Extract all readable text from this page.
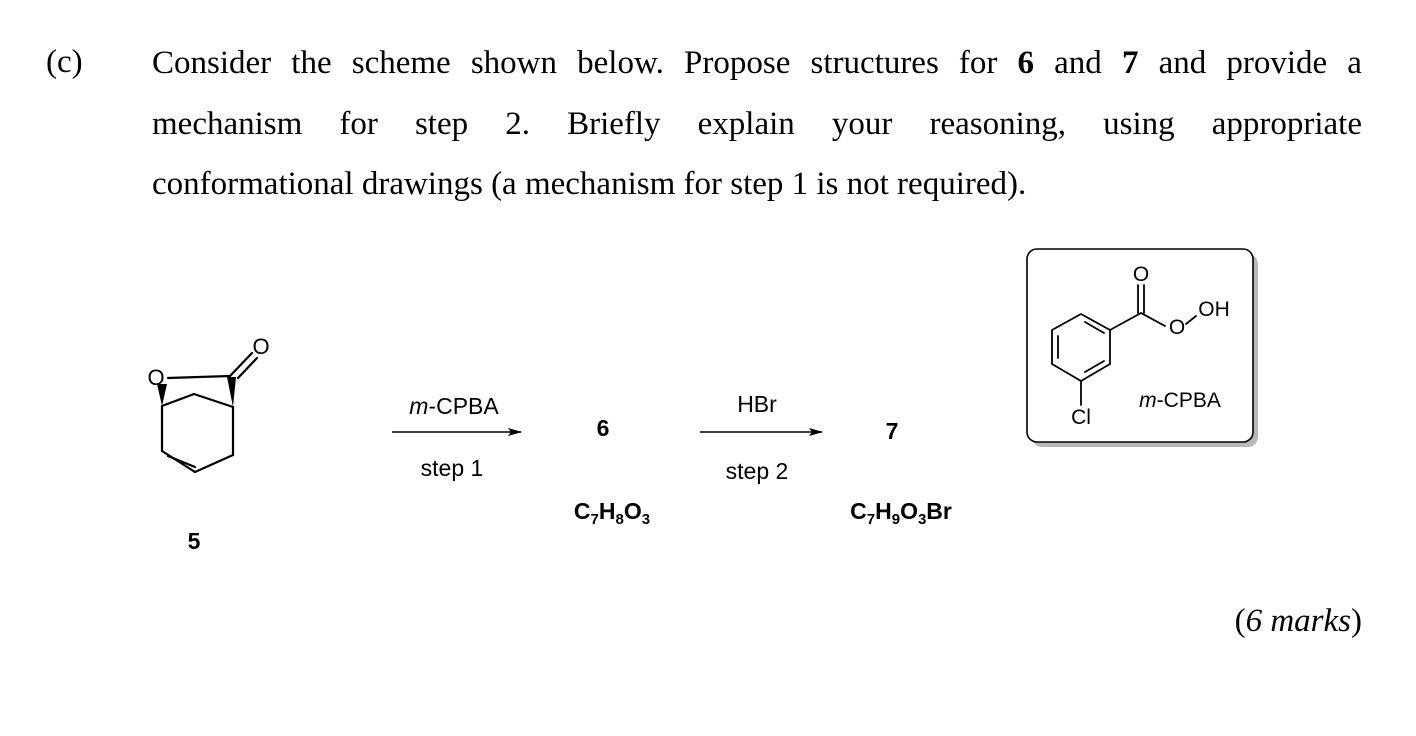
(c) Consider the scheme shown below. Propose structures for 6 and 7 and provide a
mechanism for step 2. Briefly explain your reasoning, using appropriate
conformational drawings (a mechanism for step 1 is not required).
O
O
5
m-CPBA
step 1
6
$C_7H_8O_3$
HBr
step 2
7
$C_7H_9O_3Br$
O
O
OH
Cl
m-CPBA
(6 marks)
